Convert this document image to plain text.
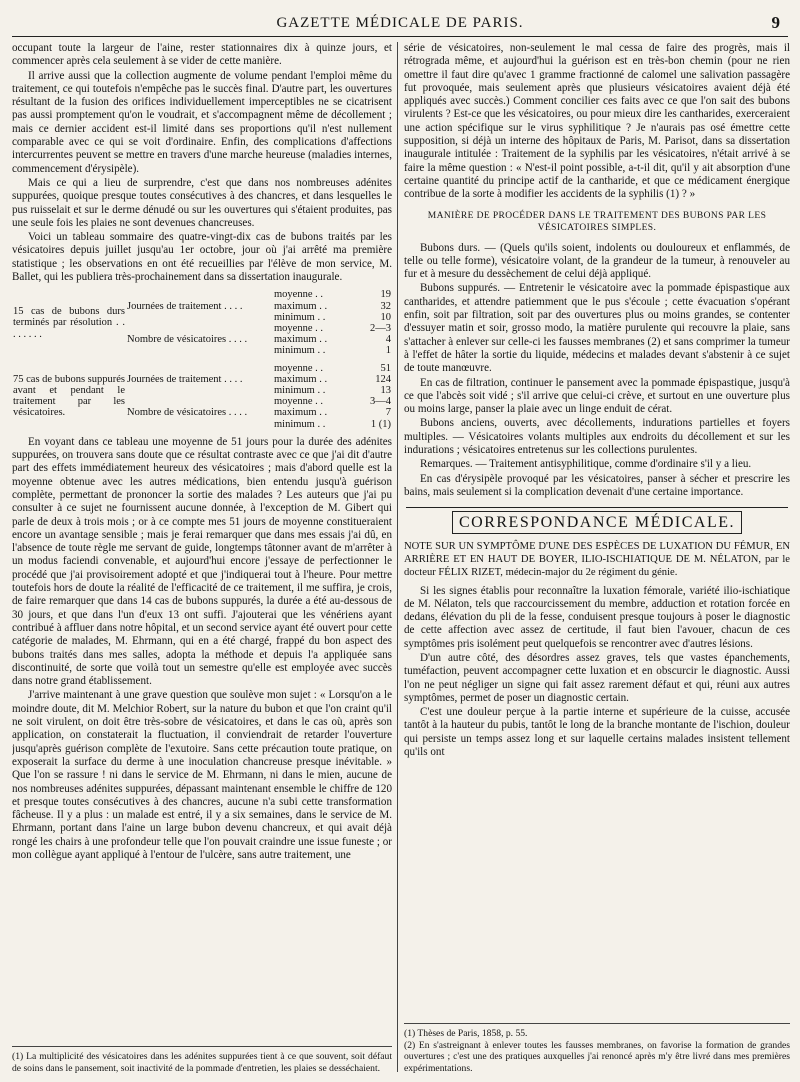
GAZETTE MÉDICALE DE PARIS.	9

occupant toute la largeur de l'aine, rester stationnaires dix à quinze jours, et commencer après cela seulement à se vider de cette manière.

Il arrive aussi que la collection augmente de volume pendant l'emploi même du traitement, ce qui toutefois n'empêche pas le succès final. D'autre part, les ouvertures résultant de la fusion des orifices individuellement imperceptibles ne se cicatrisent pas aussi promptement qu'on le voudrait, et s'accompagnent même de décollement ; mais ce dernier accident est-il limité dans ses proportions qu'il n'est nullement comparable avec ce qui se voit d'ordinaire. Enfin, des complications d'affections intercurrentes peuvent se mettre en travers d'une marche heureuse (maladies internes, commencement d'érysipèle).

Mais ce qui a lieu de surprendre, c'est que dans nos nombreuses adénites suppurées, quoique presque toutes consécutives à des chancres, et dans lesquelles le pus ruisselait et sur le derme dénudé ou sur les ouvertures qui s'étaient produites, pas une seule fois les plaies ne sont devenues chancreuses.

Voici un tableau sommaire des quatre-vingt-dix cas de bubons traités par les vésicatoires depuis juillet jusqu'au 1er octobre, jour où j'ai arrêté ma première statistique ; les observations en ont été recueillies par l'élève de mon service, M. Ballet, qui les publiera très-prochainement dans sa dissertation inaugurale.

15 cas de bubons durs terminés par résolution . . . . . . . .	Journées de traitement . . . .	moyenne . .	19
		maximum . .	32
		minimum . .	10
	Nombre de vésicatoires . . . .	moyenne . .	2—3
		maximum . .	4
		minimum . .	1

75 cas de bubons suppurés avant et pendant le traitement par les vésicatoires.	Journées de traitement . . . .	moyenne . .	51
		maximum . .	124
		minimum . .	13
	Nombre de vésicatoires . . . .	moyenne . .	3—4
		maximum . .	7
		minimum . .	1 (1)

En voyant dans ce tableau une moyenne de 51 jours pour la durée des adénites suppurées, on trouvera sans doute que ce résultat contraste avec ce que j'ai dit d'autre part des effets immédiatement heureux des vésicatoires ; mais d'abord quelle est la moyenne obtenue avec les autres médications, bien entendu jusqu'à guérison complète, permettant de prononcer la sortie des malades ? Les auteurs que j'ai pu consulter à ce sujet ne fournissent aucune donnée, à l'exception de M. Gibert qui parle de deux à trois mois ; or à ce compte mes 51 jours de moyenne constitueraient encore un avantage sensible ; mais je ferai remarquer que dans mes essais j'ai dû, en l'absence de toute règle me servant de guide, longtemps tâtonner avant de m'arrêter à un modus faciendi convenable, et aujourd'hui encore j'essaye de perfectionner le procédé que j'ai provisoirement adopté et que j'indiquerai tout à l'heure. Pour mettre toutefois hors de doute la réalité de l'efficacité de ce traitement, il me suffira, je crois, de faire remarquer que dans 14 cas de bubons suppurés, la durée a été au-dessous de 30 jours, et que dans l'un d'eux 13 ont suffi. J'ajouterai que les vénériens ayant contribué à affluer dans notre hôpital, et un second service ayant été ouvert pour cette catégorie de malades, M. Ehrmann, qui en a été chargé, frappé du bon aspect des bubons traités dans mes salles, adopta la méthode et depuis l'a appliquée sans discontinuité, de sorte que voilà tout un semestre qu'elle est employée avec succès dans notre grand établissement.

J'arrive maintenant à une grave question que soulève mon sujet : « Lorsqu'on a le moindre doute, dit M. Melchior Robert, sur la nature du bubon et que l'on craint qu'il ne soit virulent, on doit être très-sobre de vésicatoires, et dans le cas où, après son application, on constaterait la fluctuation, il conviendrait de retarder l'ouverture jusqu'après guérison complète de l'exutoire. Sans cette précaution toute pratique, on exposerait la surface du derme à une inoculation chancreuse presque inévitable. » Que l'on se rassure ! ni dans le service de M. Ehrmann, ni dans le mien, aucune de nos nombreuses adénites suppurées, dépassant maintenant ensemble le chiffre de 120 et presque toutes consécutives à des chancres, aucune n'a subi cette transformation fâcheuse. Il y a plus : un malade est entré, il y a six semaines, dans le service de M. Ehrmann, portant dans l'aine un large bubon devenu chancreux, et qui avait déjà rongé les chairs à une profondeur telle que l'on pouvait craindre une issue funeste ; or mon collègue ayant appliqué à l'entour de l'ulcère, sans autre traitement, une

série de vésicatoires, non-seulement le mal cessa de faire des progrès, mais il rétrograda même, et aujourd'hui la guérison est en très-bon chemin (pour ne rien omettre il faut dire qu'avec 1 gramme fractionné de calomel une salivation passagère fut provoquée, mais seulement après que plusieurs vésicatoires avaient déjà été appliqués avec succès.) Comment concilier ces faits avec ce que l'on sait des bubons virulents ? Est-ce que les vésicatoires, ou pour mieux dire les cantharides, exerceraient une action spécifique sur le virus syphilitique ? Je n'aurais pas osé émettre cette supposition, si déjà un interne des hôpitaux de Paris, M. Parisot, dans sa dissertation inaugurale intitulée : Traitement de la syphilis par les vésicatoires, n'était arrivé à se faire la même question : « N'est-il point possible, a-t-il dit, qu'il y ait absorption d'une certaine quantité du principe actif de la cantharide, et que ce médicament énergique contribue de la sorte à modifier les accidents de la syphilis (1) ? »

MANIÈRE DE PROCÉDER DANS LE TRAITEMENT DES BUBONS PAR LES VÉSICATOIRES SIMPLES.

Bubons durs. — (Quels qu'ils soient, indolents ou douloureux et enflammés, de telle ou telle forme), vésicatoire volant, de la grandeur de la tumeur, à renouveler au fur et à mesure du dessèchement de celui déjà appliqué.

Bubons suppurés. — Entretenir le vésicatoire avec la pommade épispastique aux cantharides, et attendre patiemment que le pus s'écoule ; cette évacuation s'opérant enfin, soit par filtration, soit par des ouvertures plus ou moins grandes, se contenter d'essuyer matin et soir, grosso modo, la matière purulente qui recouvre la plaie, sans s'attacher à enlever sur celle-ci les fausses membranes (2) et sans comprimer la tumeur à l'effet de hâter la sortie du liquide, médecins et malades devant s'abstenir à ce sujet de toute manœuvre.

En cas de filtration, continuer le pansement avec la pommade épispastique, jusqu'à ce que l'abcès soit vidé ; s'il arrive que celui-ci crève, et surtout en une ouverture plus ou moins large, panser la plaie avec un linge enduit de cérat.

Bubons anciens, ouverts, avec décollements, indurations partielles et foyers multiples. — Vésicatoires volants multiples aux endroits du décollement et sur les indurations ; vésicatoires entretenus sur les collections purulentes.

Remarques. — Traitement antisyphilitique, comme d'ordinaire s'il y a lieu.

En cas d'érysipèle provoqué par les vésicatoires, panser à sécher et prescrire les bains, mais seulement si la complication devenait d'une certaine importance.

CORRESPONDANCE MÉDICALE.

NOTE SUR UN SYMPTÔME D'UNE DES ESPÈCES DE LUXATION DU FÉMUR, EN ARRIÈRE ET EN HAUT DE BOYER, ILIO-ISCHIATIQUE DE M. NÉLATON, par le docteur FÉLIX RIZET, médecin-major du 2e régiment du génie.

Si les signes établis pour reconnaître la luxation fémorale, variété ilio-ischiatique de M. Nélaton, tels que raccourcissement du membre, adduction et rotation forcée en dedans, élévation du pli de la fesse, conduisent presque toujours à poser le diagnostic de cette affection avec assez de certitude, il faut bien l'avouer, chacun de ces symptômes pris isolément peut quelquefois se rencontrer avec d'autres lésions.

D'un autre côté, des désordres assez graves, tels que vastes épanchements, tuméfaction, peuvent accompagner cette luxation et en obscurcir le diagnostic. Aussi l'on ne peut négliger un signe qui fait assez rarement défaut et qui, réuni aux autres symptômes, permet de poser un diagnostic certain.

C'est une douleur perçue à la partie interne et supérieure de la cuisse, accusée tantôt à la hauteur du pubis, tantôt le long de la branche montante de l'ischion, douleur qui persiste un temps assez long et sur laquelle certains malades insistent tellement qu'ils ont

(1) La multiplicité des vésicatoires dans les adénites suppurées tient à ce que souvent, soit défaut de soins dans le pansement, soit inactivité de la pommade d'entretien, les plaies se desséchaient.
(1) Thèses de Paris, 1858, p. 55.
(2) En s'astreignant à enlever toutes les fausses membranes, on favorise la formation de grandes ouvertures ; c'est une des pratiques auxquelles j'ai renoncé après m'y être livré dans mes premières expérimentations.
